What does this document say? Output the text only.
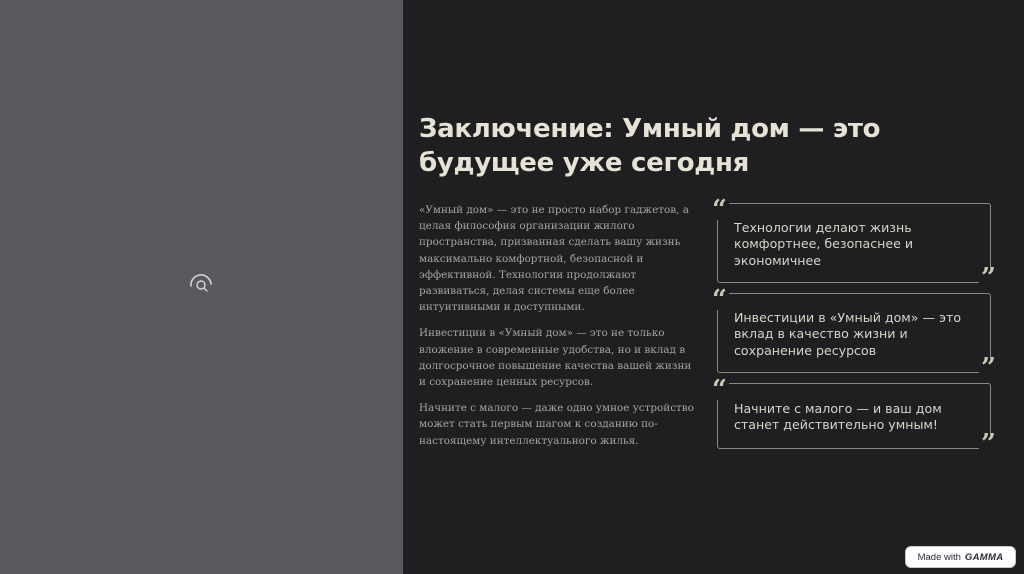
Заключение: Умный дом — это будущее уже сегодня

«Умный дом» — это не просто набор гаджетов, а целая философия организации жилого пространства, призванная сделать вашу жизнь максимально комфортной, безопасной и эффективной. Технологии продолжают развиваться, делая системы еще более интуитивными и доступными.

Инвестиции в «Умный дом» — это не только вложение в современные удобства, но и вклад в долгосрочное повышение качества вашей жизни и сохранение ценных ресурсов.

Начните с малого — даже одно умное устройство может стать первым шагом к созданию по-настоящему интеллектуального жилья.

“
Технологии делают жизнь комфортнее, безопаснее и экономичнее
”
“
Инвестиции в «Умный дом» — это вклад в качество жизни и сохранение ресурсов
”
“
Начните с малого — и ваш дом станет действительно умным!
”
Made with GAMMA
